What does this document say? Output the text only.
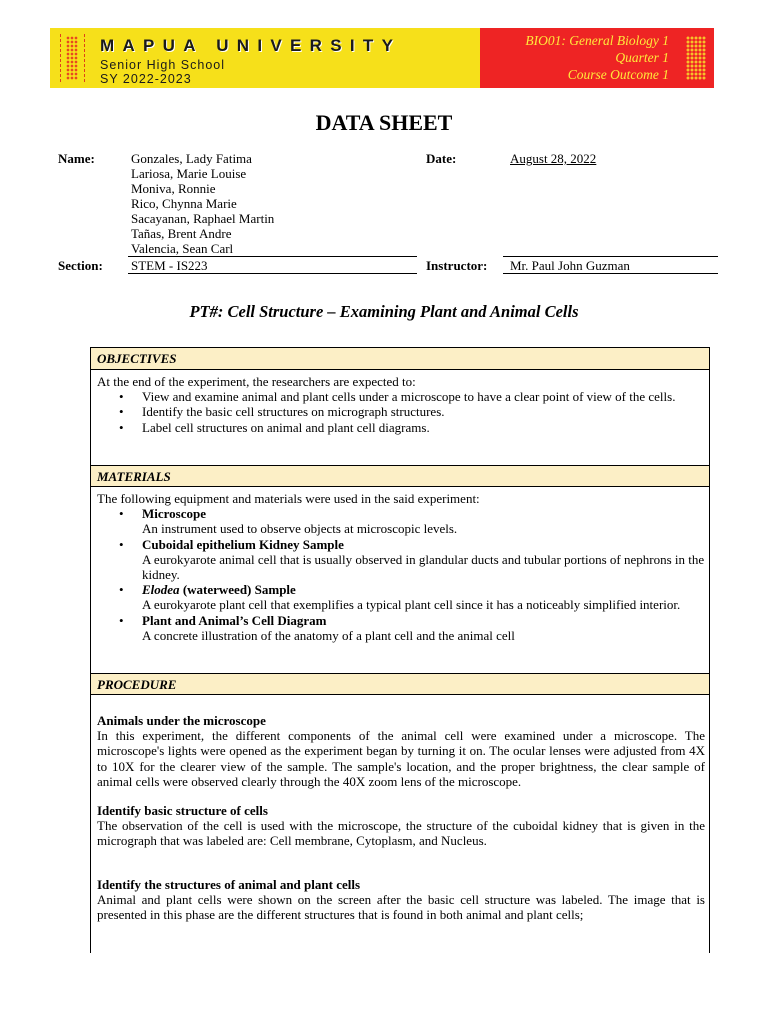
MAPUA UNIVERSITY
Senior High School
SY 2022-2023
BIO01: General Biology 1
Quarter 1
Course Outcome 1
DATA SHEET
Name:	Gonzales, Lady Fatima
Lariosa, Marie Louise
Moniva, Ronnie
Rico, Chynna Marie
Sacayanan, Raphael Martin
Tañas, Brent Andre
Valencia, Sean Carl
Date:	August 28, 2022
Section: STEM - IS223	Instructor: Mr. Paul John Guzman
PT#: Cell Structure – Examining Plant and Animal Cells
OBJECTIVES

At the end of the experiment, the researchers are expected to:

• View and examine animal and plant cells under a microscope to have a clear point of view of the cells.
• Identify the basic cell structures on micrograph structures.
• Label cell structures on animal and plant cell diagrams.
MATERIALS

The following equipment and materials were used in the said experiment:

• Microscope
An instrument used to observe objects at microscopic levels.
• Cuboidal epithelium Kidney Sample
A eurokyarote animal cell that is usually observed in glandular ducts and tubular portions of nephrons in the kidney.
• Elodea (waterweed) Sample
A eurokyarote plant cell that exemplifies a typical plant cell since it has a noticeably simplified interior.
• Plant and Animal’s Cell Diagram
A concrete illustration of the anatomy of a plant cell and the animal cell
PROCEDURE

Animals under the microscope

In this experiment, the different components of the animal cell were examined under a microscope. The microscope's lights were opened as the experiment began by turning it on. The ocular lenses were adjusted from 4X to 10X for the clearer view of the sample. The sample's location, and the proper brightness, the clear sample of animal cells were observed clearly through the 40X zoom lens of the microscope.

Identify basic structure of cells

The observation of the cell is used with the microscope, the structure of the cuboidal kidney that is given in the micrograph that was labeled are: Cell membrane, Cytoplasm, and Nucleus.

Identify the structures of animal and plant cells

Animal and plant cells were shown on the screen after the basic cell structure was labeled. The image that is presented in this phase are the different structures that is found in both animal and plant cells;
